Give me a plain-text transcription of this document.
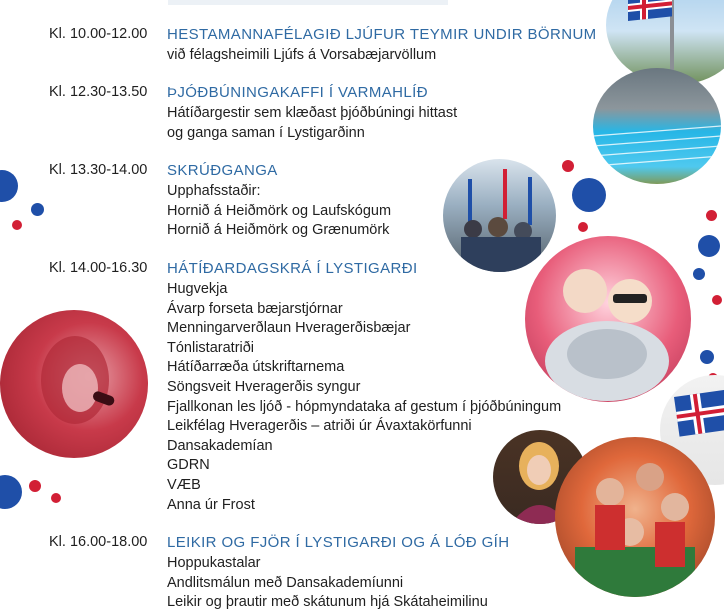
Kl. 10.00-12.00 HESTAMANNAFÉLAGIÐ LJÚFUR TEYMIR UNDIR BÖRNUM
við félagsheimili Ljúfs á Vorsabæjarvöllum
Kl. 12.30-13.50 ÞJÓÐBÚNINGAKAFFI Í VARMAHLÍÐ
Hátíðargestir sem klæðast þjóðbúningi hittast
og ganga saman í Lystigarðinn
Kl. 13.30-14.00 SKRÚÐGANGA
Upphafsstaðir:
Hornið á Heiðmörk og Laufskógum
Hornið á Heiðmörk og Grænumörk
Kl. 14.00-16.30 HÁTÍÐARDAGSKRÁ Í LYSTIGARÐI
Hugvekja
Ávarp forseta bæjarstjórnar
Menningarverðlaun Hveragerðisbæjar
Tónlistaratriði
Hátíðarræða útskriftarnema
Söngsveit Hveragerðis syngur
Fjallkonan les ljóð - hópmyndataka af gestum í þjóðbúningum
Leikfélag Hveragerðis – atriði úr Ávaxtakörfunni
Dansakademían
GDRN
VÆB
Anna úr Frost
Kl. 16.00-18.00 LEIKIR OG FJÖR Í LYSTIGARÐI OG Á LÓÐ GÍH
Hoppukastalar
Andlitsmálun með Dansakademíunni
Leikir og þrautir með skátunum hjá Skátaheimilinu
